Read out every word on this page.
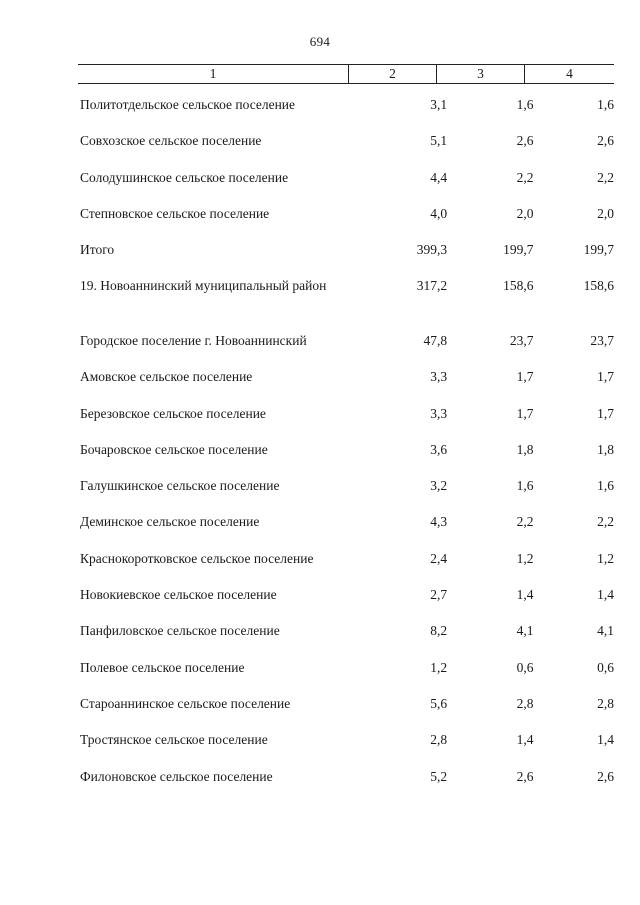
694
1	2	3	4
Политотдельское сельское поселение	3,1	1,6	1,6
Совхозское сельское поселение	5,1	2,6	2,6
Солодушинское сельское поселение	4,4	2,2	2,2
Степновское сельское поселение	4,0	2,0	2,0
Итого	399,3	199,7	199,7
19. Новоаннинский муниципальный район	317,2	158,6	158,6
Городское поселение г. Новоаннинский	47,8	23,7	23,7
Амовское сельское поселение	3,3	1,7	1,7
Березовское сельское поселение	3,3	1,7	1,7
Бочаровское сельское поселение	3,6	1,8	1,8
Галушкинское сельское поселение	3,2	1,6	1,6
Деминское сельское поселение	4,3	2,2	2,2
Краснокоротковское сельское поселение	2,4	1,2	1,2
Новокиевское сельское поселение	2,7	1,4	1,4
Панфиловское сельское поселение	8,2	4,1	4,1
Полевое сельское поселение	1,2	0,6	0,6
Староаннинское сельское поселение	5,6	2,8	2,8
Тростянское сельское поселение	2,8	1,4	1,4
Филоновское сельское поселение	5,2	2,6	2,6
